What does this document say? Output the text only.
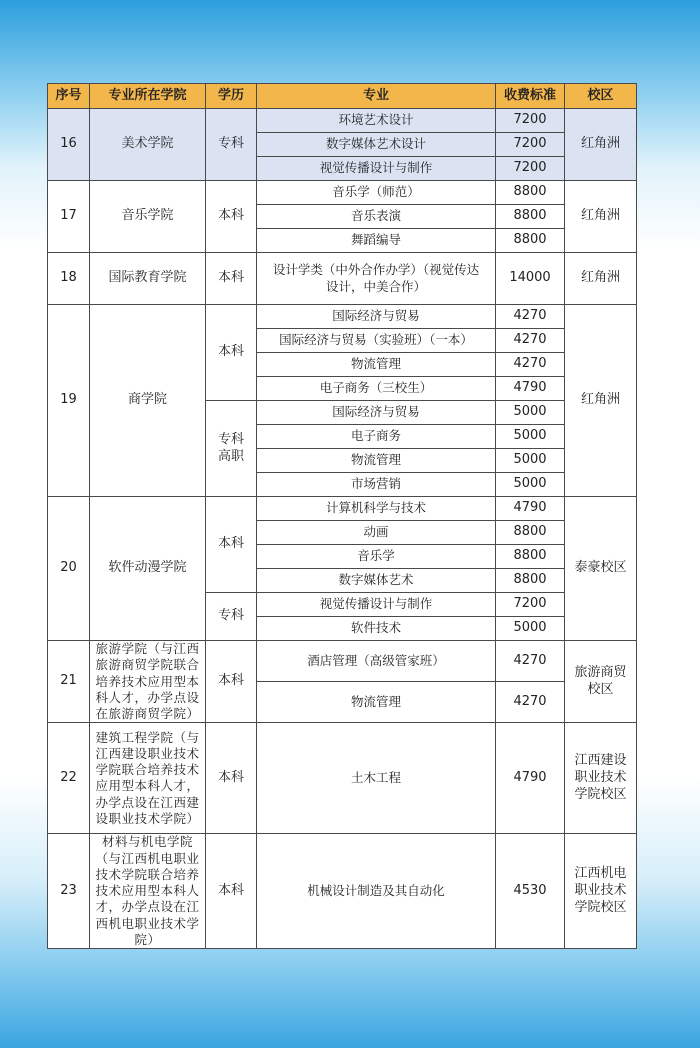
序号	专业所在学院	学历	专业	收费标准	校区
16	美术学院	专科	环境艺术设计	7200	红角洲
			数字媒体艺术设计	7200	
			视觉传播设计与制作	7200	
17	音乐学院	本科	音乐学（师范）	8800	红角洲
			音乐表演	8800	
			舞蹈编导	8800	
18	国际教育学院	本科	设计学类（中外合作办学）（视觉传达设计，中美合作）	14000	红角洲
19	商学院	本科	国际经济与贸易	4270	红角洲
			国际经济与贸易（实验班）（一本）	4270	
			物流管理	4270	
			电子商务（三校生）	4790	
		专科高职	国际经济与贸易	5000	
			电子商务	5000	
			物流管理	5000	
			市场营销	5000	
20	软件动漫学院	本科	计算机科学与技术	4790	泰豪校区
			动画	8800	
			音乐学	8800	
			数字媒体艺术	8800	
		专科	视觉传播设计与制作	7200	
			软件技术	5000	
21	旅游学院（与江西旅游商贸学院联合培养技术应用型本科人才，办学点设在旅游商贸学院）	本科	酒店管理（高级管家班）	4270	旅游商贸校区
			物流管理	4270	
22	建筑工程学院（与江西建设职业技术学院联合培养技术应用型本科人才，办学点设在江西建设职业技术学院）	本科	土木工程	4790	江西建设职业技术学院校区
23	材料与机电学院（与江西机电职业技术学院联合培养技术应用型本科人才，办学点设在江西机电职业技术学院）	本科	机械设计制造及其自动化	4530	江西机电职业技术学院校区
